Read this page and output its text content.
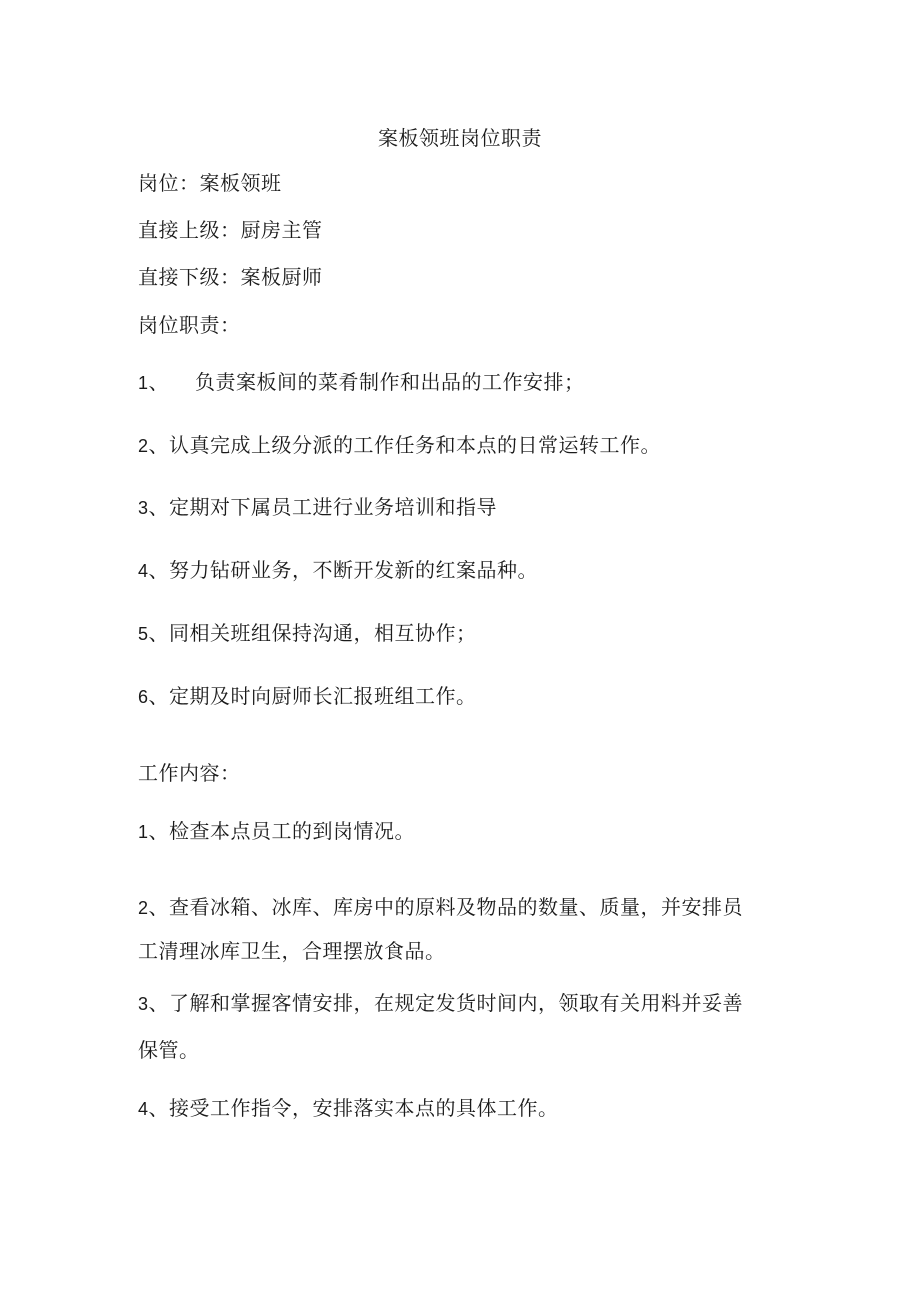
案板领班岗位职责
岗位：案板领班
直接上级：厨房主管
直接下级：案板厨师
岗位职责：
1、 负责案板间的菜肴制作和出品的工作安排；
2、认真完成上级分派的工作任务和本点的日常运转工作。
3、定期对下属员工进行业务培训和指导
4、努力钻研业务，不断开发新的红案品种。
5、同相关班组保持沟通，相互协作；
6、定期及时向厨师长汇报班组工作。
工作内容：
1、检查本点员工的到岗情况。
2、查看冰箱、冰库、库房中的原料及物品的数量、质量，并安排员
工清理冰库卫生，合理摆放食品。
3、了解和掌握客情安排，在规定发货时间内，领取有关用料并妥善
保管。
4、接受工作指令，安排落实本点的具体工作。
